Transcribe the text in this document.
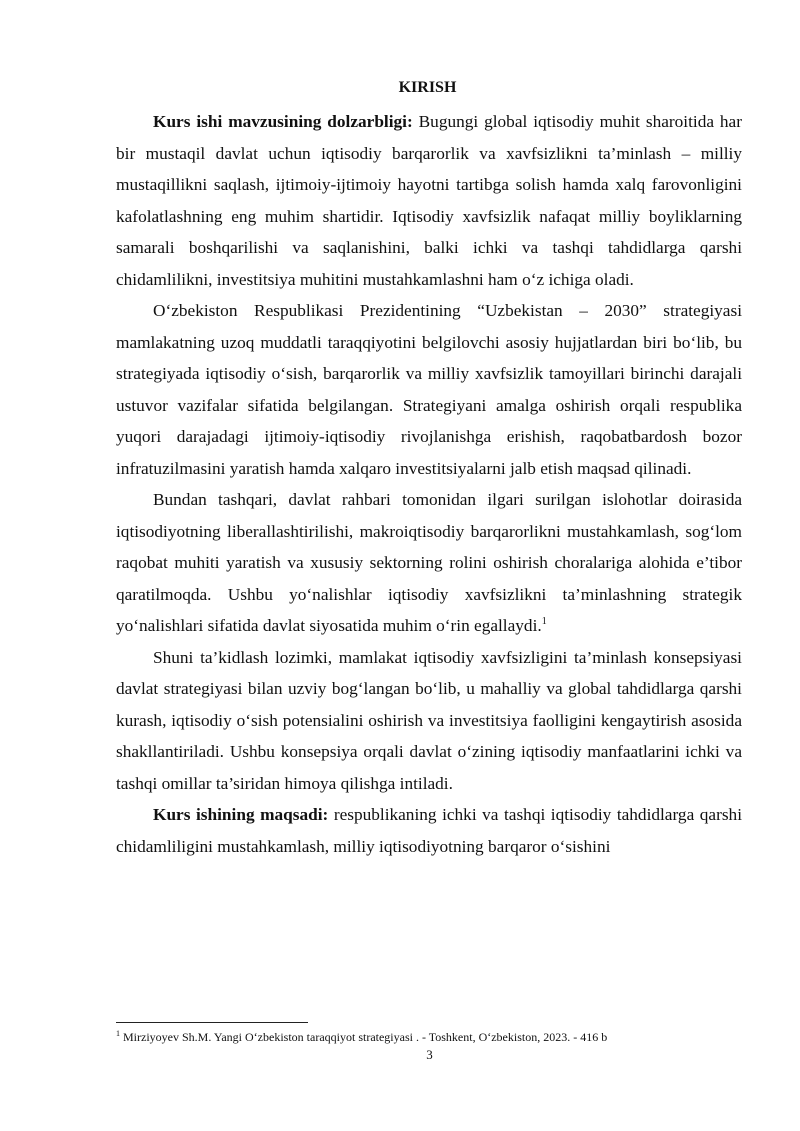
KIRISH

Kurs ishi mavzusining dolzarbligi: Bugungi global iqtisodiy muhit sharoitida har bir mustaqil davlat uchun iqtisodiy barqarorlik va xavfsizlikni ta’minlash – milliy mustaqillikni saqlash, ijtimoiy-ijtimoiy hayotni tartibga solish hamda xalq farovonligini kafolatlashning eng muhim shartidir. Iqtisodiy xavfsizlik nafaqat milliy boyliklarning samarali boshqarilishi va saqlanishini, balki ichki va tashqi tahdidlarga qarshi chidamlilikni, investitsiya muhitini mustahkamlashni ham o‘z ichiga oladi.

O‘zbekiston Respublikasi Prezidentining “Uzbekistan – 2030” strategiyasi mamlakatning uzoq muddatli taraqqiyotini belgilovchi asosiy hujjatlardan biri bo‘lib, bu strategiyada iqtisodiy o‘sish, barqarorlik va milliy xavfsizlik tamoyillari birinchi darajali ustuvor vazifalar sifatida belgilangan. Strategiyani amalga oshirish orqali respublika yuqori darajadagi ijtimoiy-iqtisodiy rivojlanishga erishish, raqobatbardosh bozor infratuzilmasini yaratish hamda xalqaro investitsiyalarni jalb etish maqsad qilinadi.

Bundan tashqari, davlat rahbari tomonidan ilgari surilgan islohotlar doirasida iqtisodiyotning liberallashtirilishi, makroiqtisodiy barqarorlikni mustahkamlash, sog‘lom raqobat muhiti yaratish va xususiy sektorning rolini oshirish choralariga alohida e’tibor qaratilmoqda. Ushbu yo‘nalishlar iqtisodiy xavfsizlikni ta’minlashning strategik yo‘nalishlari sifatida davlat siyosatida muhim o‘rin egallaydi.$^1$

Shuni ta’kidlash lozimki, mamlakat iqtisodiy xavfsizligini ta’minlash konsepsiyasi davlat strategiyasi bilan uzviy bog‘langan bo‘lib, u mahalliy va global tahdidlarga qarshi kurash, iqtisodiy o‘sish potensialini oshirish va investitsiya faolligini kengaytirish asosida shakllantiriladi. Ushbu konsepsiya orqali davlat o‘zining iqtisodiy manfaatlarini ichki va tashqi omillar ta’siridan himoya qilishga intiladi.

Kurs ishining maqsadi: respublikaning ichki va tashqi iqtisodiy tahdidlarga qarshi chidamliligini mustahkamlash, milliy iqtisodiyotning barqaror o‘sishini

$^1$ Mirziyoyev Sh.M. Yangi O‘zbekiston taraqqiyot strategiyasi . - Toshkent, O‘zbekiston, 2023. - 416 b
3
